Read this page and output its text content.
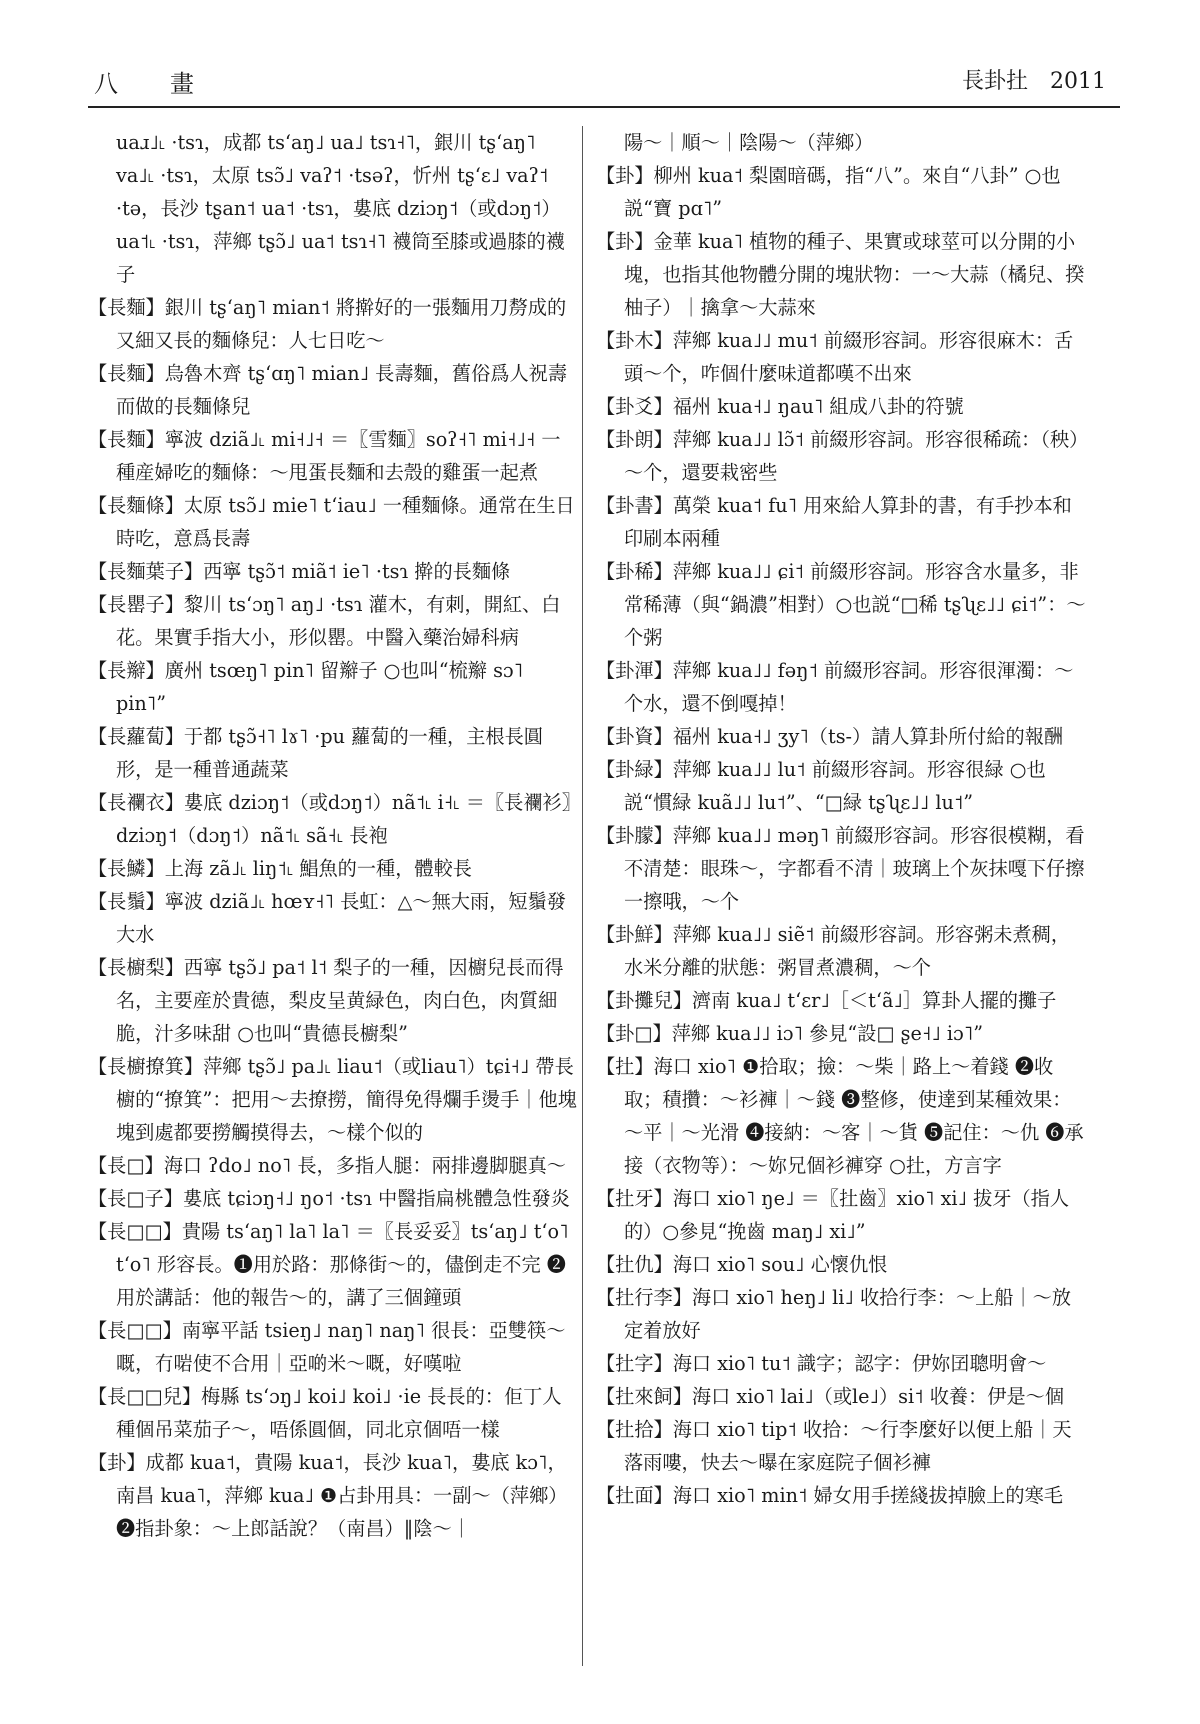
八　畫	長卦扗 2011
uaɹ˩˪ ·tsɿ，成都 tsʻaŋ˩ ua˩ tsɿ˧˥，銀川 tʂʻaŋ˥ va˩˪ ·tsɿ，太原 tsɔ̃˩ vaʔ˦ ·tsəʔ，忻州 tʂʻɛ˩ vaʔ˦ ·tə，長沙 tʂan˦ ua˦ ·tsɿ，婁底 dziɔŋ˦（或dɔŋ˦）ua˦˪ ·tsɿ，萍鄉 tʂɔ̃˩ ua˦ tsɿ˧˥ 襪筒至膝或過膝的襪子
【長麵】銀川 tʂʻaŋ˥ mian˦ 將擀好的一張麵用刀剺成的又細又長的麵條兒：人七日吃～
【長麵】烏魯木齊 tʂʻɑŋ˥ mian˩ 長壽麵，舊俗爲人祝壽而做的長麵條兒
【長麵】寧波 dziã˩˪ mi˧˩˧ ＝〖雪麵〗soʔ˧˥ mi˧˩˧ 一種産婦吃的麵條：～甩蛋長麵和去殼的雞蛋一起煮
【長麵條】太原 tsɔ̃˩ mie˥ tʻiau˩ 一種麵條。通常在生日時吃，意爲長壽
【長麵葉子】西寧 tʂɔ̃˦ miã˦ ie˥ ·tsɿ 擀的長麵條
【長罌子】黎川 tsʻɔŋ˥ aŋ˩ ·tsɿ 灌木，有刺，開紅、白花。果實手指大小，形似罌。中醫入藥治婦科病
【長辮】廣州 tsœŋ˥ pin˥ 留辮子 ○也叫“梳辮 sɔ˥ pin˥”
【長蘿蔔】于都 tʂɔ̃˧˥ lɤ˥ ·pu 蘿蔔的一種，主根長圓形，是一種普通蔬菜
【長襴衣】婁底 dziɔŋ˦（或dɔŋ˦）nã˦˪ i˧˪ ＝〖長襴衫〗dziɔŋ˦（dɔŋ˦）nã˦˪ sã˧˪ 長袍
【長鱗】上海 zã˩˪ liŋ˦˪ 鯧魚的一種，體較長
【長鬚】寧波 dziã˩˪ hœʏ˧˥ 長虹：△～無大雨，短鬚發大水
【長櫥梨】西寧 tʂɔ̃˩ pa˦ l˦ 梨子的一種，因櫥兒長而得名，主要産於貴德，梨皮呈黄緑色，肉白色，肉質細脆，汁多味甜 ○也叫“貴德長櫥梨”
【長櫥撩箕】萍鄉 tʂɔ̃˩ pa˩˪ liau˦（或liau˥）tɕi˧˩ 帶長櫥的“撩箕”：把用～去撩撈，簡得免得爛手燙手｜他塊塊到處都要撈觸摸得去，～樣个似的
【長□】海口 ʔdo˩ no˥ 長，多指人腿：兩排邊脚腿真～
【長□子】婁底 tɕiɔŋ˧˩ ŋo˦ ·tsɿ 中醫指扁桃體急性發炎
【長□□】貴陽 tsʻaŋ˥ la˥ la˥ ＝〖長妥妥〗tsʻaŋ˩ tʻo˥ tʻo˥ 形容長。❶用於路：那條街～的，儘倒走不完 ❷用於講話：他的報告～的，講了三個鐘頭
【長□□】南寧平話 tsieŋ˩ naŋ˥ naŋ˥ 很長：亞雙筷～嘅，冇啱使不合用｜亞啲米～嘅，好嘆啦
【長□□兒】梅縣 tsʻɔŋ˩ koi˩ koi˩ ·ie 長長的：佢丁人種個吊菜茄子～，唔係圓個，同北京個唔一樣
【卦】成都 kua˦，貴陽 kua˦，長沙 kua˥，婁底 kɔ˥，南昌 kua˥，萍鄉 kua˩ ❶占卦用具：一副～（萍鄉）❷指卦象：～上郎話說？（南昌）‖陰～｜
陽～｜順～｜陰陽～（萍鄉）
【卦】柳州 kua˦ 梨園暗碼，指“八”。來自“八卦” ○也説“寶 pɑ˥”
【卦】金華 kua˥ 植物的種子、果實或球莖可以分開的小塊，也指其他物體分開的塊狀物：一～大蒜（橘兒、揆柚子）｜擒拿～大蒜來
【卦木】萍鄉 kua˩˩ mu˦ 前綴形容詞。形容很麻木：舌頭～个，咋個什麼味道都嘆不出來
【卦爻】福州 kua˧˩ ŋau˥ 組成八卦的符號
【卦朗】萍鄉 kua˩˩ lɔ̃˦ 前綴形容詞。形容很稀疏：（秧）～个，還要栽密些
【卦書】萬榮 kua˦ fu˥ 用來給人算卦的書，有手抄本和印刷本兩種
【卦稀】萍鄉 kua˩˩ ɕi˦ 前綴形容詞。形容含水量多，非常稀薄（與“鍋濃”相對）○也説“□稀 tʂʯɛ˩˩ ɕi˦”：～个粥
【卦渾】萍鄉 kua˩˩ fəŋ˦ 前綴形容詞。形容很渾濁：～个水，還不倒嘎掉！
【卦資】福州 kua˧˩ ʒy˥（ts-）請人算卦所付給的報酬
【卦緑】萍鄉 kua˩˩ lu˦ 前綴形容詞。形容很緑 ○也説“慣緑 kuã˩˩ lu˦”、“□緑 tʂʯɛ˩˩ lu˦”
【卦朦】萍鄉 kua˩˩ məŋ˥ 前綴形容詞。形容很模糊，看不清楚：眼珠～，字都看不清｜玻璃上个灰抹嘎下仔擦一擦哦，～个
【卦鮮】萍鄉 kua˩˩ siẽ˦ 前綴形容詞。形容粥未煮稠，水米分離的狀態：粥冒煮濃稠，～个
【卦攤兒】濟南 kua˩ tʻɛr˩［＜tʻã˩］算卦人擺的攤子
【卦□】萍鄉 kua˩˩ iɔ˥ 參見“設□ ʂe˧˩ iɔ˥”
【扗】海口 xio˥ ❶拾取；撿：～柴｜路上～着錢 ❷收取；積攢：～衫褲｜～錢 ❸整修，使達到某種效果：～平｜～光滑 ❹接納：～客｜～貨 ❺記住：～仇 ❻承接（衣物等）：～妳兄個衫褲穿 ○扗，方言字
【扗牙】海口 xio˥ ŋe˩ ＝〖扗齒〗xio˥ xi˩ 拔牙（指人的）○參見“挽齒 maŋ˩ xi˩”
【扗仇】海口 xio˥ sou˩ 心懷仇恨
【扗行李】海口 xio˥ heŋ˩ li˩ 收拾行李：～上船｜～放定着放好
【扗字】海口 xio˥ tu˦ 識字；認字：伊妳囝聰明會～
【扗來飼】海口 xio˥ lai˩（或le˩）si˦ 收養：伊是～個
【扗拾】海口 xio˥ tip˦ 收拾：～行李麼好以便上船｜天落雨嘍，快去～曝在家庭院子個衫褲
【扗面】海口 xio˥ min˦ 婦女用手搓綫拔掉臉上的寒毛
